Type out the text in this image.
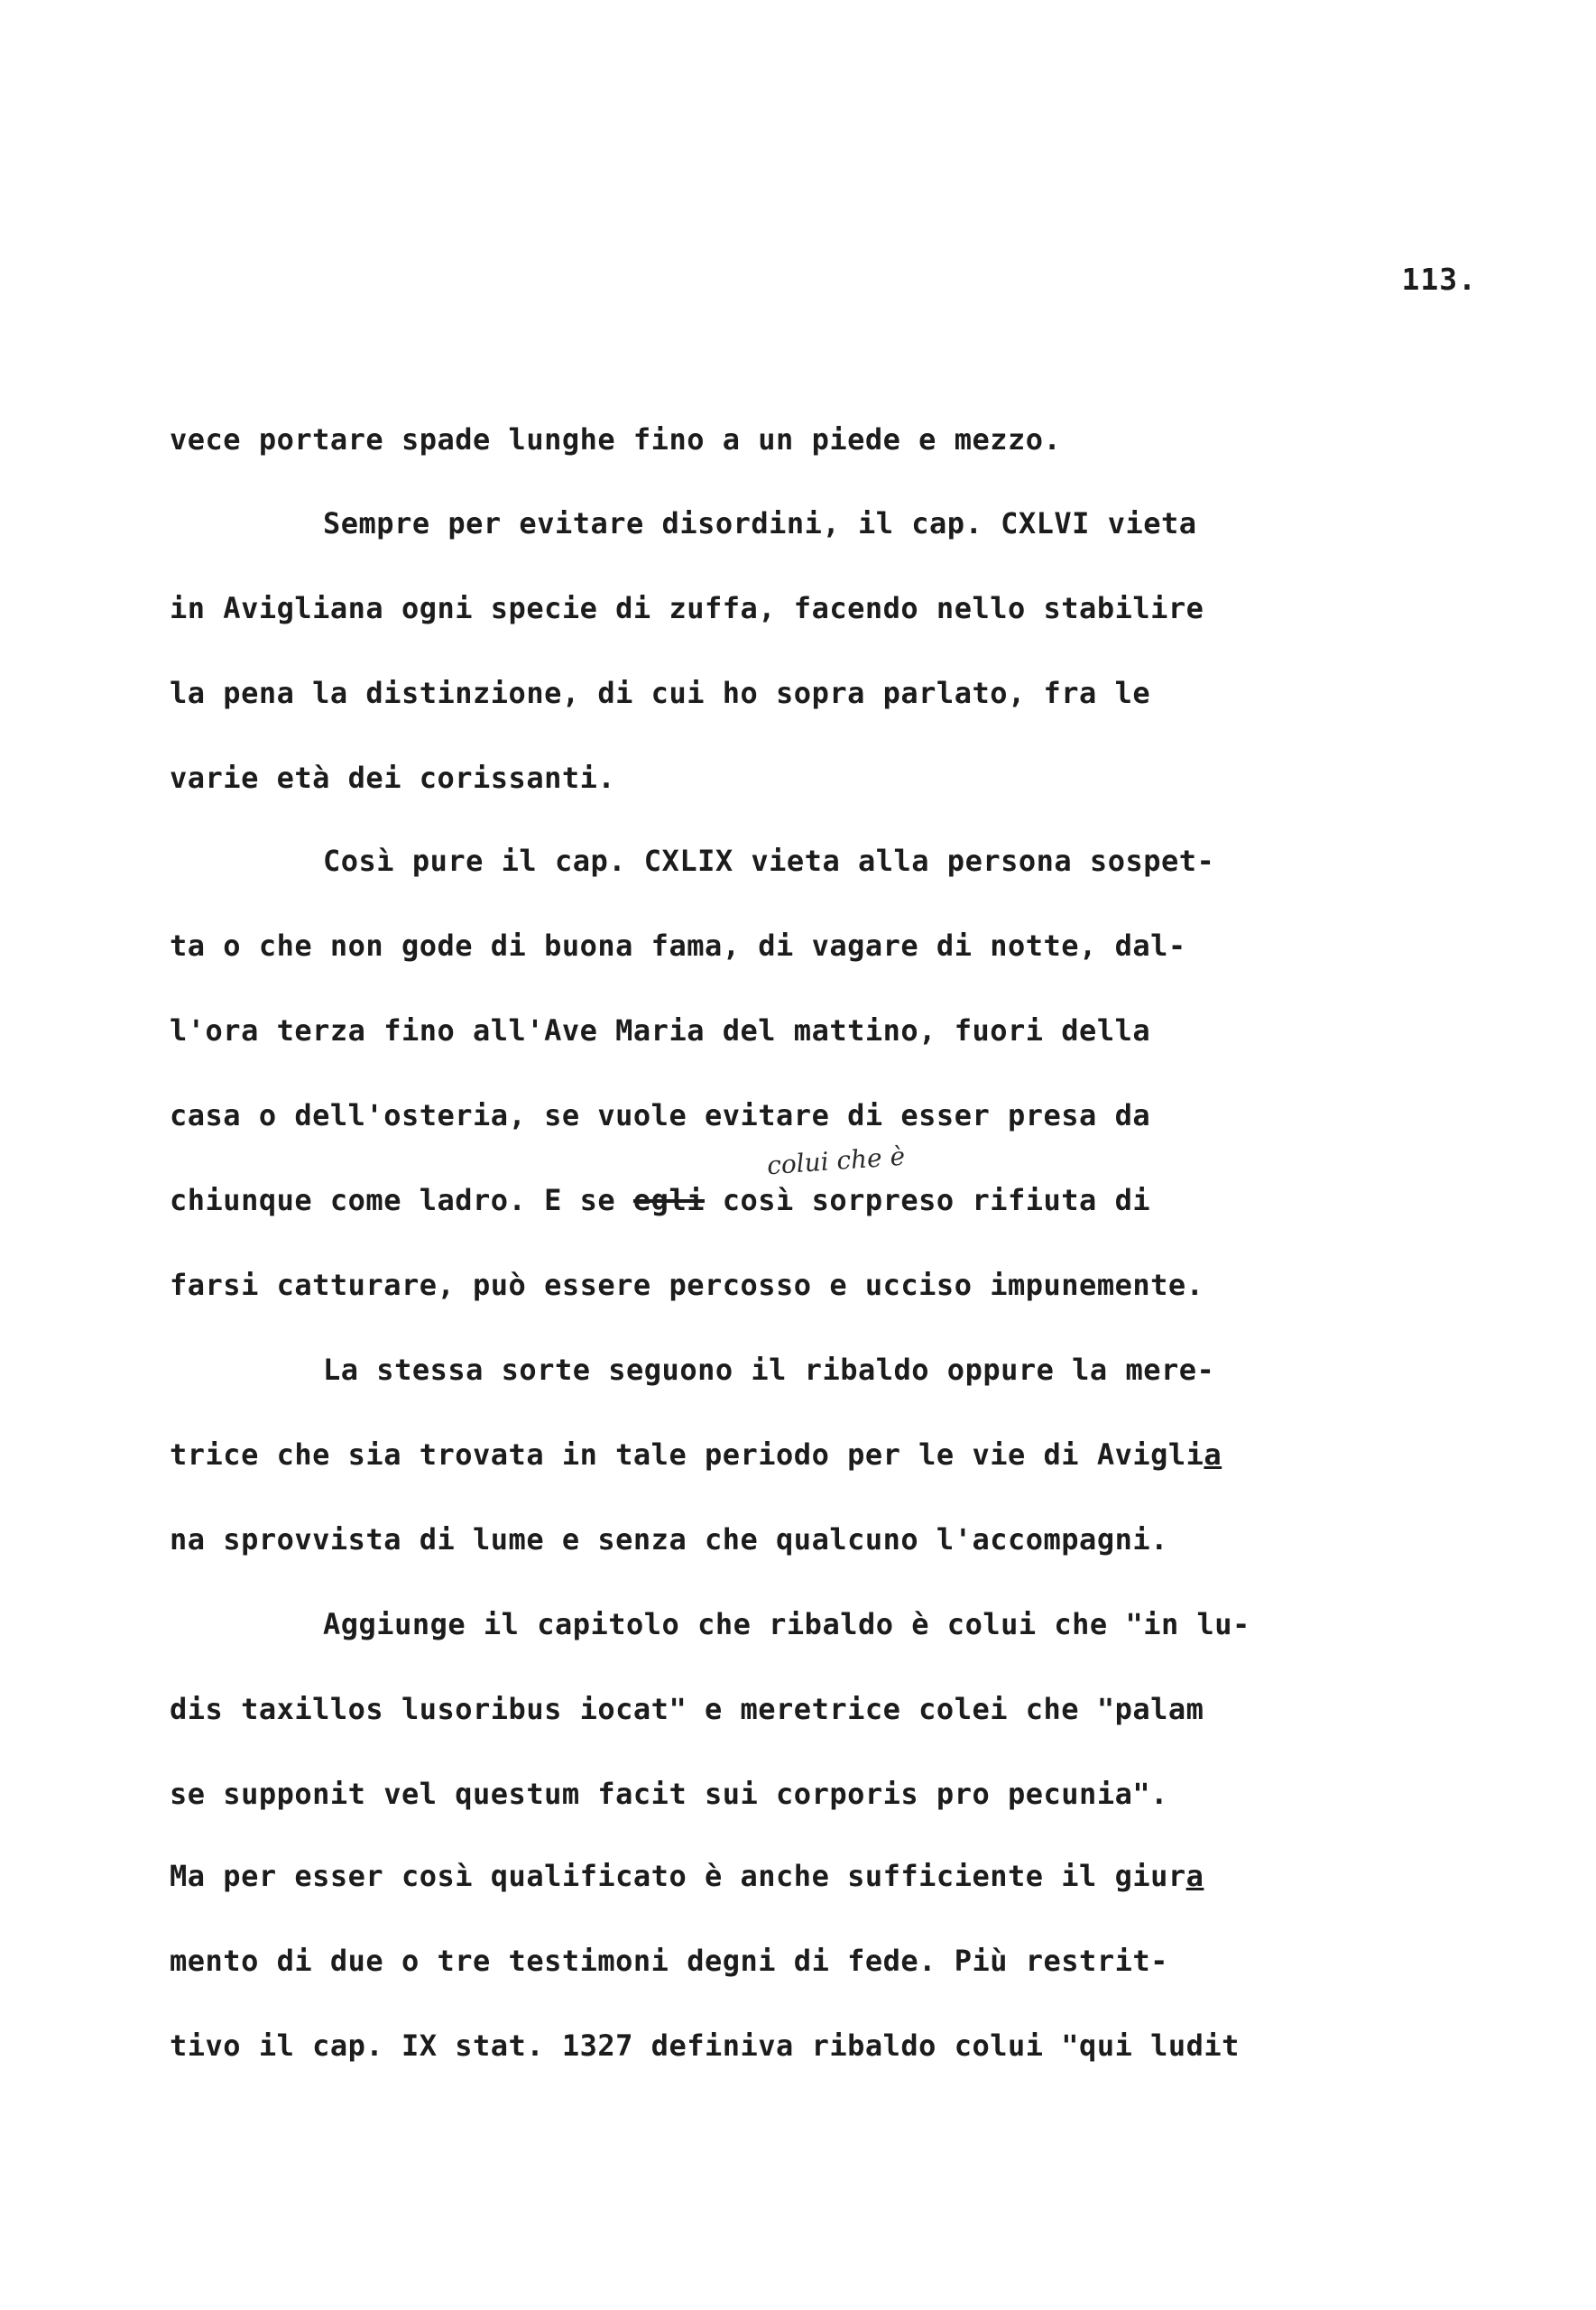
113.
colui che è
vece portare spade lunghe fino a un piede e mezzo.
Sempre per evitare disordini, il cap. CXLVI vieta
in Avigliana ogni specie di zuffa, facendo nello stabilire
la pena la distinzione, di cui ho sopra parlato, fra le
varie età dei corissanti.
Così pure il cap. CXLIX vieta alla persona sospet-
ta o che non gode di buona fama, di vagare di notte, dal-
l'ora terza fino all'Ave Maria del mattino, fuori della
casa o dell'osteria, se vuole evitare di esser presa da
chiunque come ladro. E se egli così sorpreso rifiuta di
farsi catturare, può essere percosso e ucciso impunemente.
La stessa sorte seguono il ribaldo oppure la mere-
trice che sia trovata in tale periodo per le vie di Aviglia
na sprovvista di lume e senza che qualcuno l'accompagni.
Aggiunge il capitolo che ribaldo è colui che "in lu-
dis taxillos lusoribus iocat" e meretrice colei che "palam
se supponit vel questum facit sui corporis pro pecunia".
Ma per esser così qualificato è anche sufficiente il giura
mento di due o tre testimoni degni di fede. Più restrit-
tivo il cap. IX stat. 1327 definiva ribaldo colui "qui ludit
